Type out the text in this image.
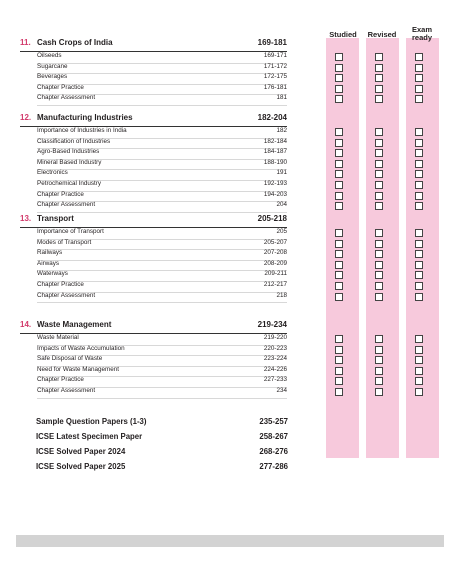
Studied	Revised
Exam
ready
11. Cash Crops of India	169-181
Oilseeds	169-171
Sugarcane	171-172
Beverages	172-175
Chapter Practice	176-181
Chapter Assessment	181
12. Manufacturing Industries	182-204
Importance of Industries in India	182
Classification of Industries	182-184
Agro-Based Industries	184-187
Mineral Based Industry	188-190
Electronics	191
Petrochemical Industry	192-193
Chapter Practice	194-203
Chapter Assessment	204
13. Transport	205-218
Importance of Transport	205
Modes of Transport	205-207
Railways	207-208
Airways	208-209
Waterways	209-211
Chapter Practice	212-217
Chapter Assessment	218
14. Waste Management	219-234
Waste Material	219-220
Impacts of Waste Accumulation	220-223
Safe Disposal of Waste	223-224
Need for Waste Management	224-226
Chapter Practice	227-233
Chapter Assessment	234
Sample Question Papers (1-3)	235-257
ICSE Latest Specimen Paper	258-267
ICSE Solved Paper 2024	268-276
ICSE Solved Paper 2025	277-286
